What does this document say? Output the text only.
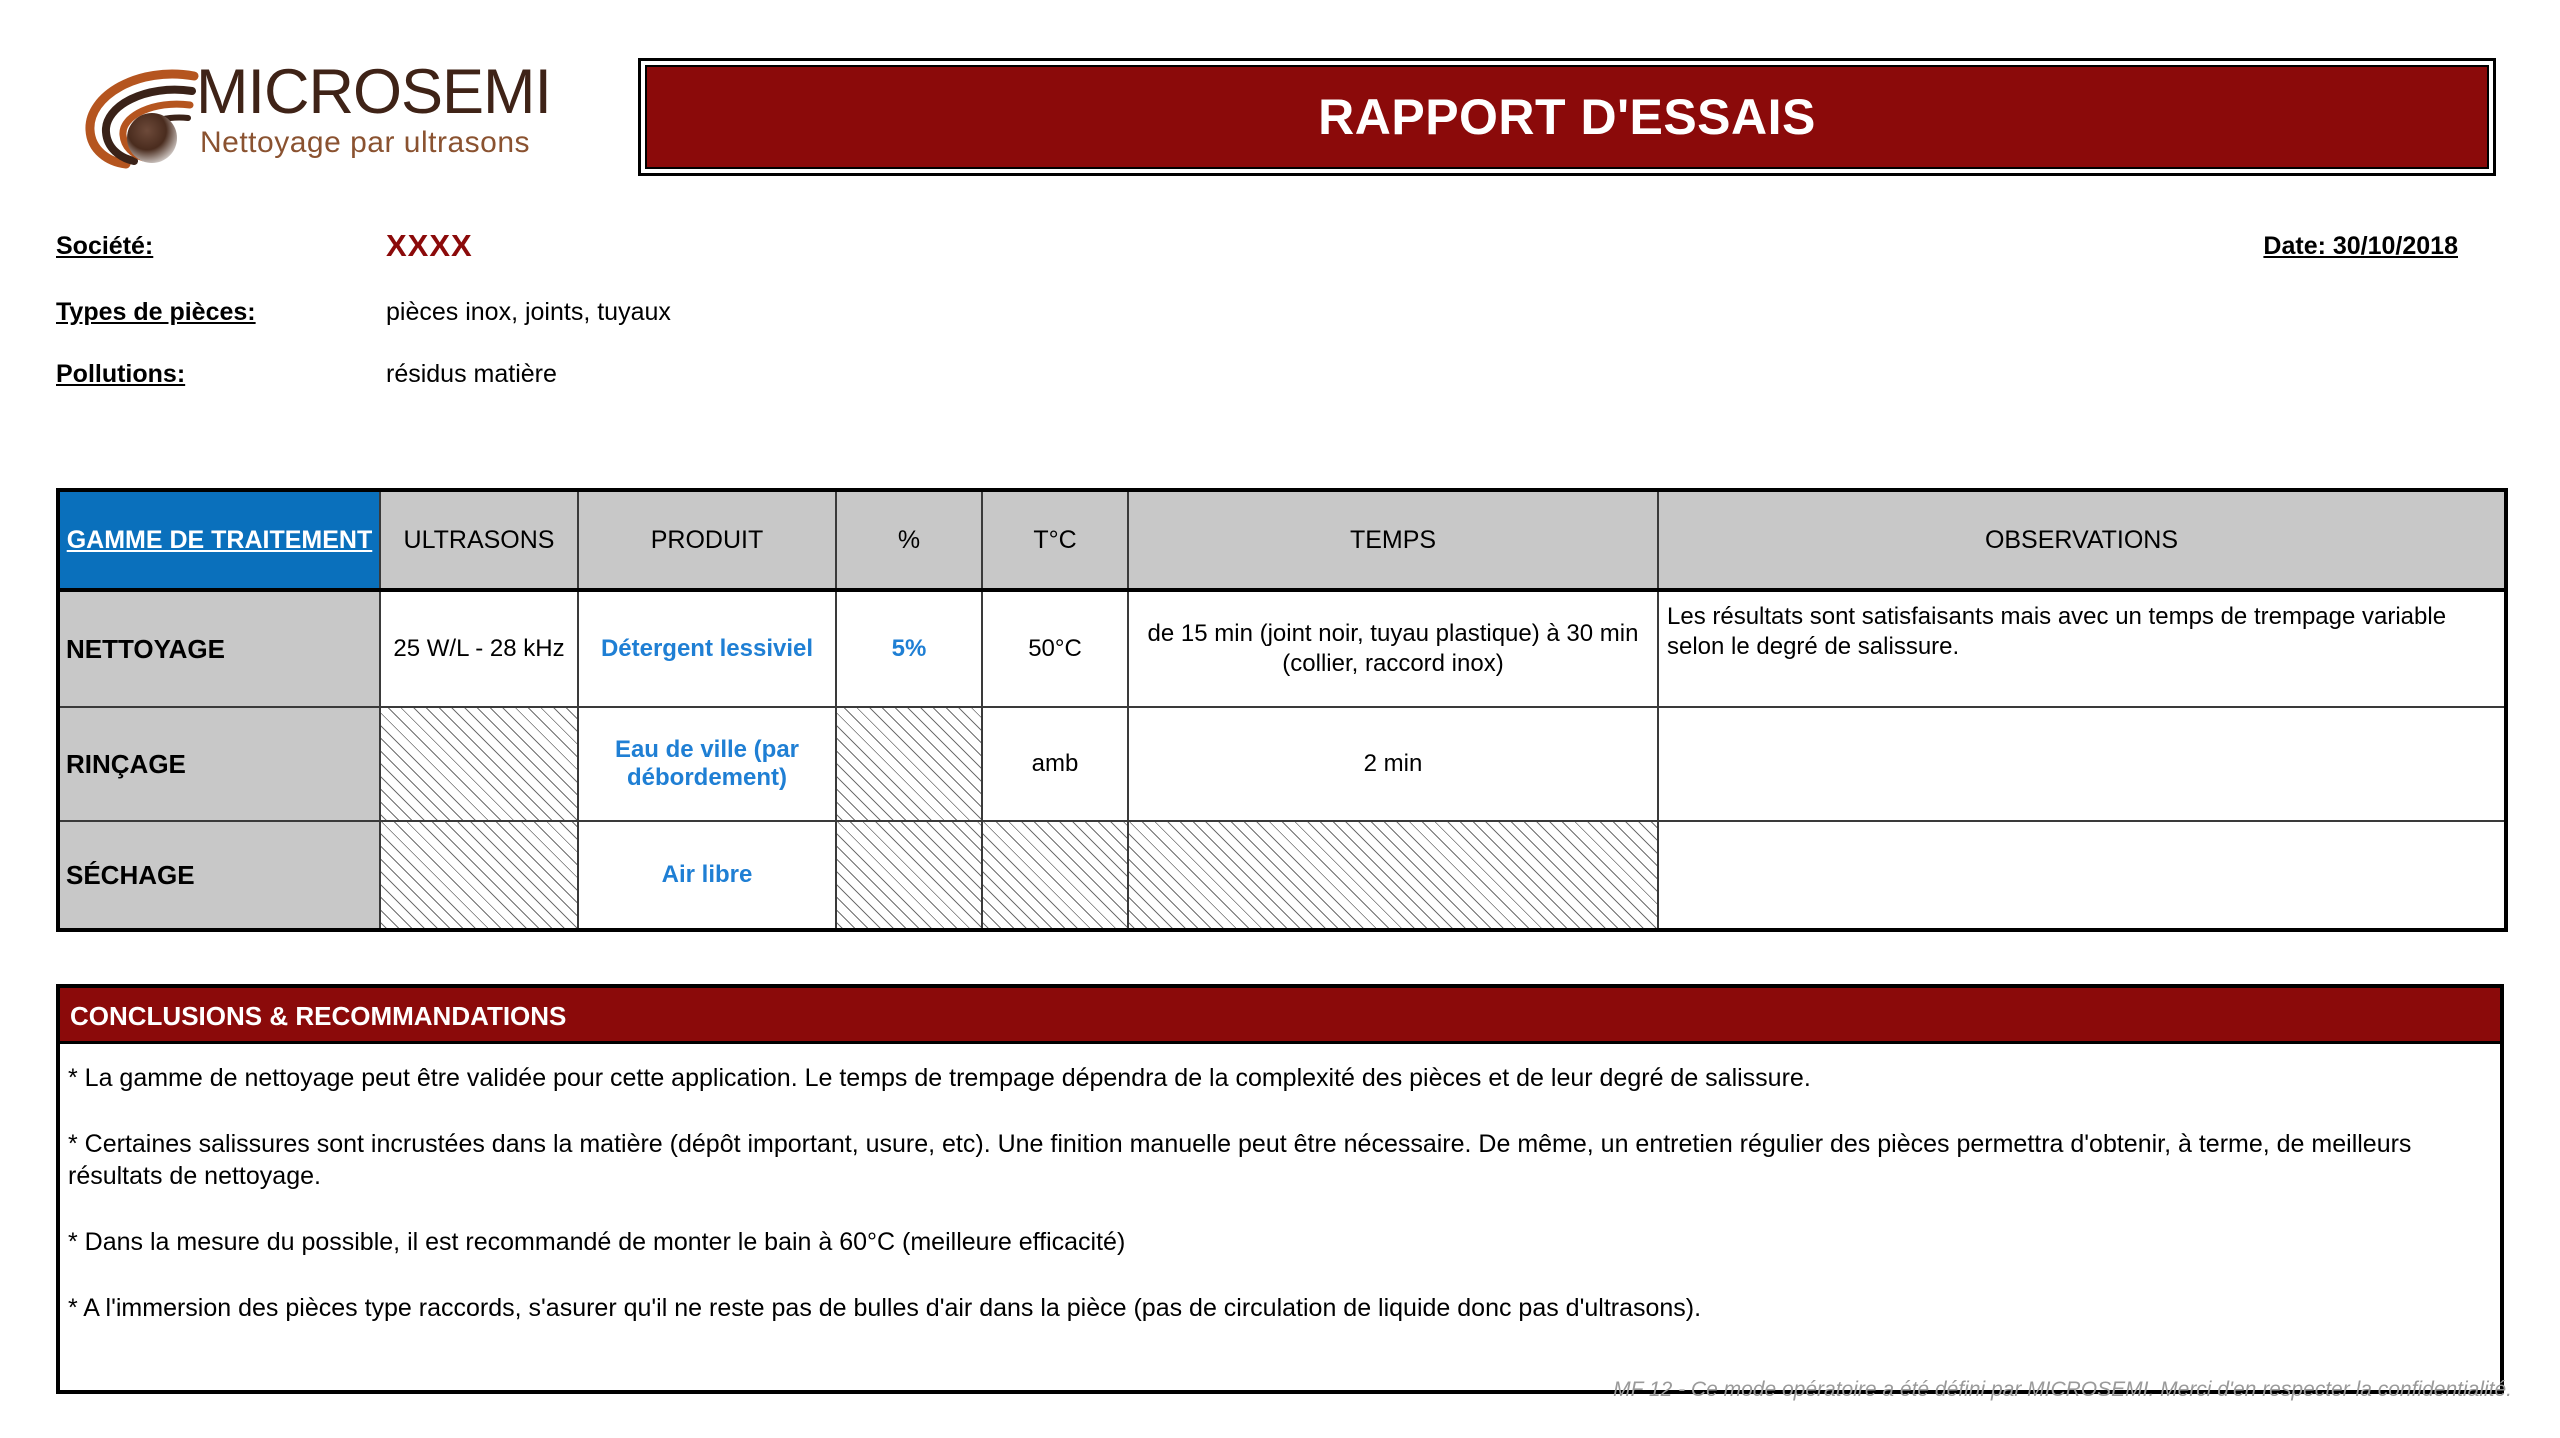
MICROSEMI
Nettoyage par ultrasons	RAPPORT D'ESSAIS
Société:	XXXX	Date: 30/10/2018
Types de pièces:	pièces inox, joints, tuyaux
Pollutions:	résidus matière
GAMME DE TRAITEMENT	ULTRASONS	PRODUIT	%	T°C	TEMPS	OBSERVATIONS
NETTOYAGE	25 W/L - 28 kHz	Détergent lessiviel	5%	50°C	de 15 min (joint noir, tuyau plastique) à 30 min (collier, raccord inox)	Les résultats sont satisfaisants mais avec un temps de trempage variable selon le degré de salissure.
RINÇAGE		Eau de ville (par débordement)		amb	2 min	
SÉCHAGE		Air libre				
CONCLUSIONS & RECOMMANDATIONS
* La gamme de nettoyage peut être validée pour cette application. Le temps de trempage dépendra de la complexité des pièces et de leur degré de salissure.
* Certaines salissures sont incrustées dans la matière (dépôt important, usure, etc). Une finition manuelle peut être nécessaire. De même, un entretien régulier des pièces permettra d'obtenir, à terme, de meilleurs résultats de nettoyage.
* Dans la mesure du possible, il est recommandé de monter le bain à 60°C (meilleure efficacité)
* A l'immersion des pièces type raccords, s'asurer qu'il ne reste pas de bulles d'air dans la pièce (pas de circulation de liquide donc pas d'ultrasons).
MF 12 - Ce mode opératoire a été défini par MICROSEMI. Merci d'en respecter la confidentialité.
